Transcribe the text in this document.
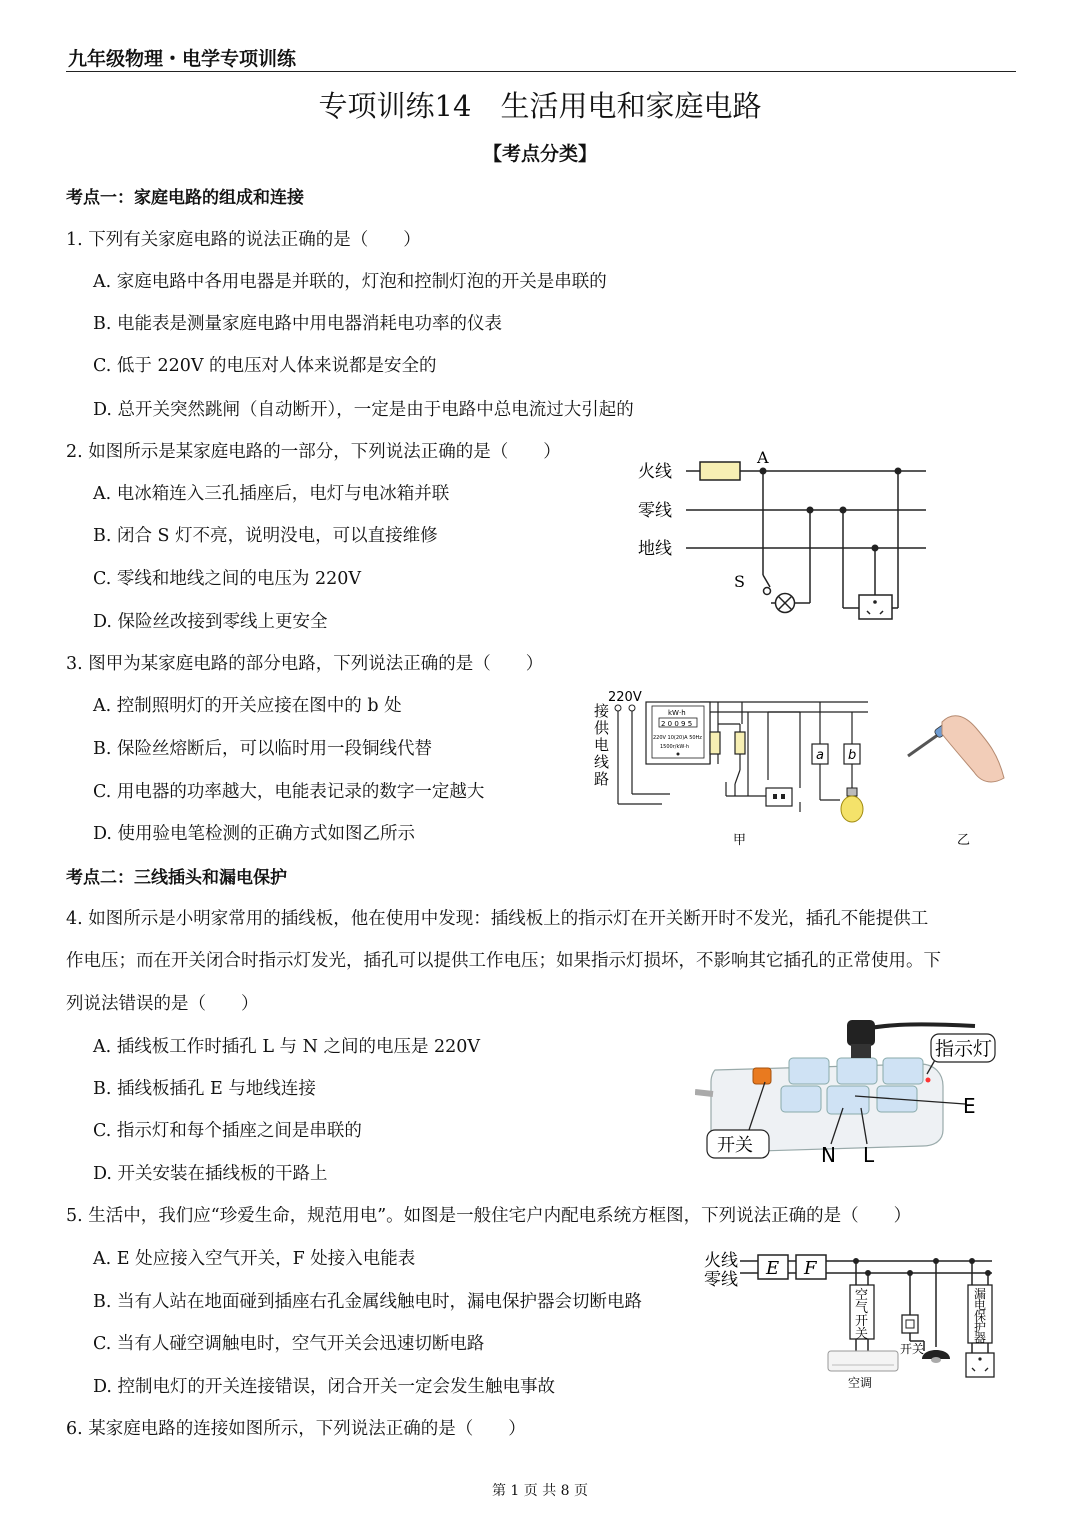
九年级物理・电学专项训练
专项训练14　生活用电和家庭电路
【考点分类】
考点一：家庭电路的组成和连接
1. 下列有关家庭电路的说法正确的是（　　）
A. 家庭电路中各用电器是并联的，灯泡和控制灯泡的开关是串联的
B. 电能表是测量家庭电路中用电器消耗电功率的仪表
C. 低于 220V 的电压对人体来说都是安全的
D. 总开关突然跳闸（自动断开），一定是由于电路中总电流过大引起的
2. 如图所示是某家庭电路的一部分，下列说法正确的是（　　）
A. 电冰箱连入三孔插座后，电灯与电冰箱并联
B. 闭合 S 灯不亮，说明没电，可以直接维修
C. 零线和地线之间的电压为 220V
D. 保险丝改接到零线上更安全
火线
零线
地线
A
S
3. 图甲为某家庭电路的部分电路，下列说法正确的是（　　）
A. 控制照明灯的开关应接在图中的 b 处
B. 保险丝熔断后，可以临时用一段铜线代替
C. 用电器的功率越大，电能表记录的数字一定越大
D. 使用验电笔检测的正确方式如图乙所示
220V
接
供
电
线
路
kW·h
2 0 0 9 5
220V 10(20)A 50Hz
1500r/kW·h
a b
甲	乙
考点二：三线插头和漏电保护
4. 如图所示是小明家常用的插线板，他在使用中发现：插线板上的指示灯在开关断开时不发光，插孔不能提供工
作电压；而在开关闭合时指示灯发光，插孔可以提供工作电压；如果指示灯损坏，不影响其它插孔的正常使用。下
列说法错误的是（　　）
A. 插线板工作时插孔 L 与 N 之间的电压是 220V
B. 插线板插孔 E 与地线连接
C. 指示灯和每个插座之间是串联的
D. 开关安装在插线板的干路上
指示灯
E
开关	N L
5. 生活中，我们应“珍爱生命，规范用电”。如图是一般住宅户内配电系统方框图，下列说法正确的是（　　）
A. E 处应接入空气开关，F 处接入电能表
B. 当有人站在地面碰到插座右孔金属线触电时，漏电保护器会切断电路
C. 当有人碰空调触电时，空气开关会迅速切断电路
D. 控制电灯的开关连接错误，闭合开关一定会发生触电事故
火线
零线
E F
空
气
开
关
开关
漏
电
保
护
器
空调
6. 某家庭电路的连接如图所示，下列说法正确的是（　　）
第 1 页 共 8 页
